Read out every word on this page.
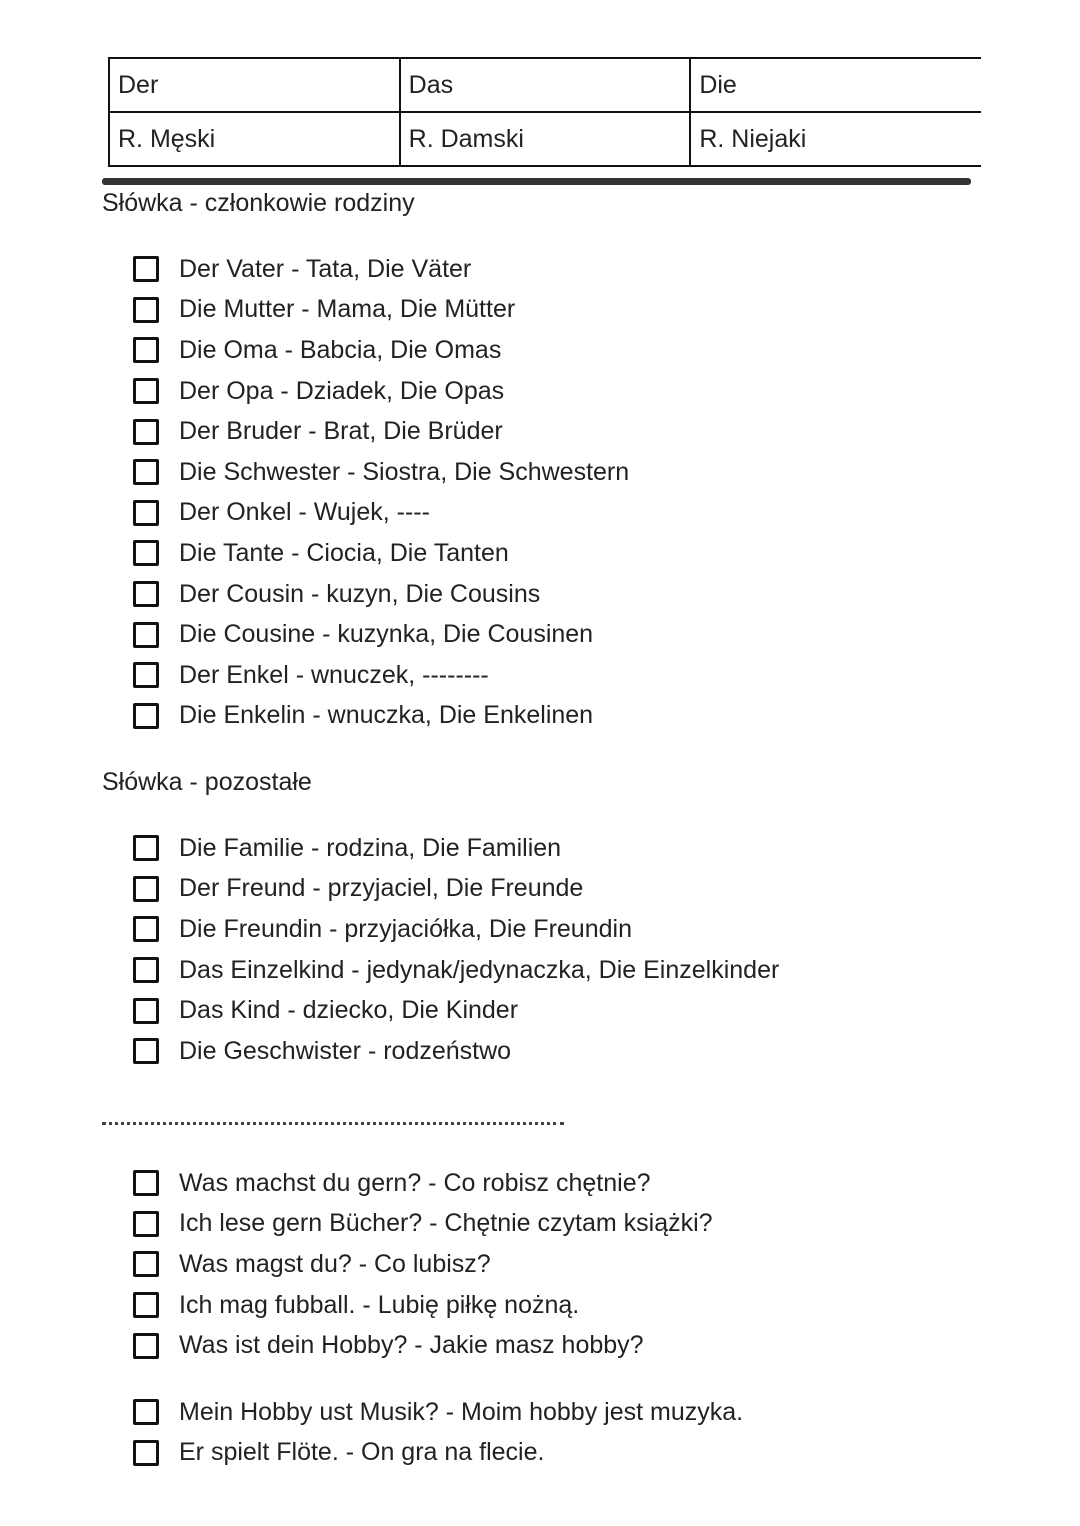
Der	Das	Die
R. Męski	R. Damski	R. Niejaki
Słówka - członkowie rodziny
Der Vater - Tata, Die Väter
Die Mutter - Mama, Die Mütter
Die Oma - Babcia, Die Omas
Der Opa - Dziadek, Die Opas
Der Bruder - Brat, Die Brüder
Die Schwester - Siostra, Die Schwestern
Der Onkel - Wujek, ----
Die Tante - Ciocia, Die Tanten
Der Cousin - kuzyn, Die Cousins
Die Cousine - kuzynka, Die Cousinen
Der Enkel - wnuczek, --------
Die Enkelin - wnuczka, Die Enkelinen
Słówka - pozostałe
Die Familie - rodzina, Die Familien
Der Freund - przyjaciel, Die Freunde
Die Freundin - przyjaciółka, Die Freundin
Das Einzelkind - jedynak/jedynaczka, Die Einzelkinder
Das Kind - dziecko, Die Kinder
Die Geschwister - rodzeństwo
Was machst du gern? - Co robisz chętnie?
Ich lese gern Bücher? - Chętnie czytam książki?
Was magst du? - Co lubisz?
Ich mag fubball. - Lubię piłkę nożną.
Was ist dein Hobby? - Jakie masz hobby?
Mein Hobby ust Musik? - Moim hobby jest muzyka.
Er spielt Flöte. - On gra na flecie.
